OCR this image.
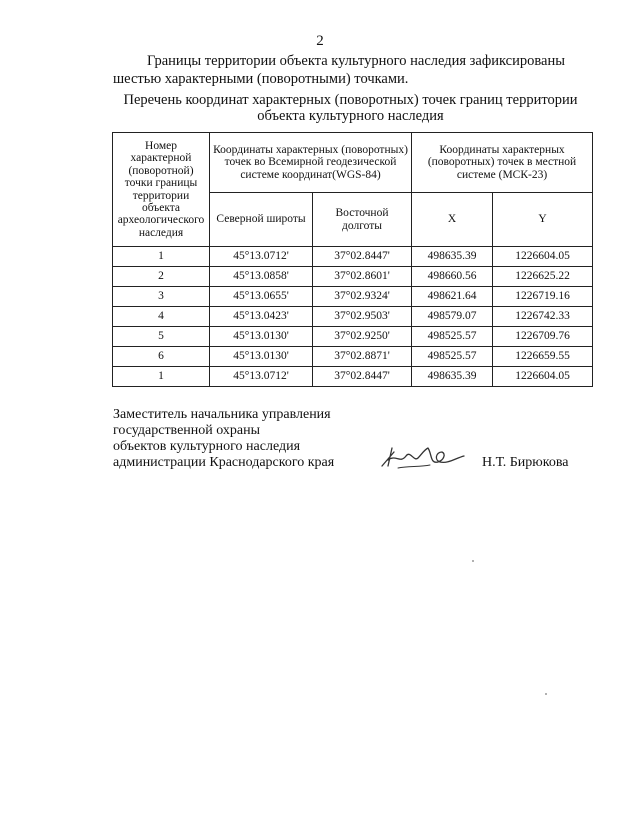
2
Границы территории объекта культурного наследия зафиксированы
шестью характерными (поворотными) точками.
Перечень координат характерных (поворотных) точек границ территории
объекта культурного наследия
Номер характерной (поворотной) точки границы территории объекта археологического наследия	Координаты характерных (поворотных) точек во Всемирной геодезической системе координат(WGS-84)		Координаты характерных (поворотных) точек в местной системе (МСК-23)	
	Северной широты	Восточной долготы	X	Y
1	45°13.0712'	37°02.8447'	498635.39	1226604.05
2	45°13.0858'	37°02.8601'	498660.56	1226625.22
3	45°13.0655'	37°02.9324'	498621.64	1226719.16
4	45°13.0423'	37°02.9503'	498579.07	1226742.33
5	45°13.0130'	37°02.9250'	498525.57	1226709.76
6	45°13.0130'	37°02.8871'	498525.57	1226659.55
1	45°13.0712'	37°02.8447'	498635.39	1226604.05
Заместитель начальника управления
государственной охраны
объектов культурного наследия
администрации Краснодарского края	Н.Т. Бирюкова
